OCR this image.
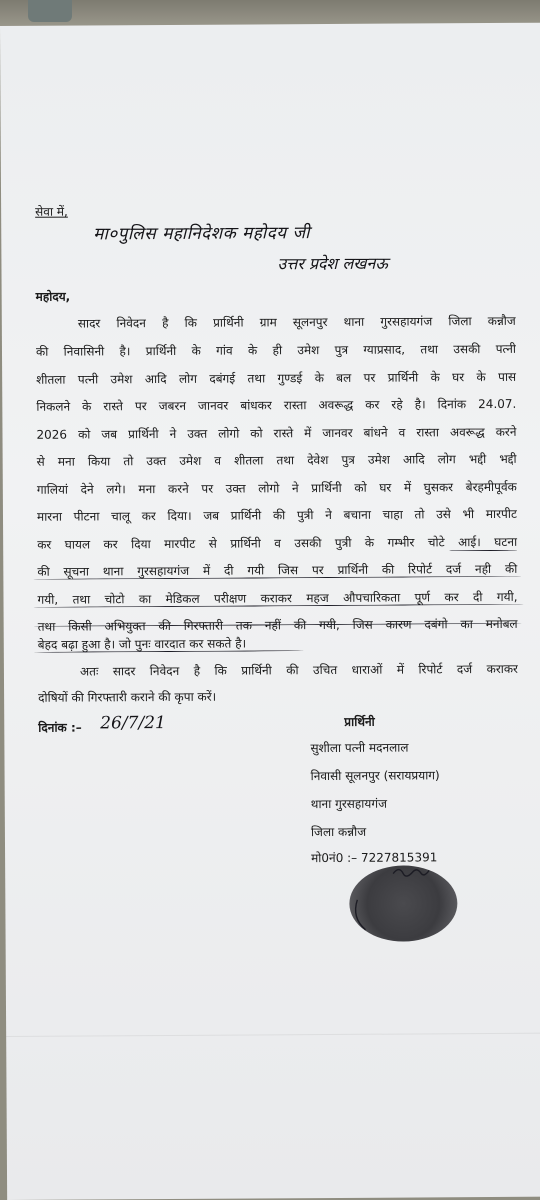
सेवा में,
मा०पुलिस महानिदेशक महोदय जी
उत्तर प्रदेश लखनऊ
महोदय,
सादर निवेदन है कि प्रार्थिनी ग्राम सूलनपुर थाना गुरसहायगंज जिला कन्नौज
की निवासिनी है। प्रार्थिनी के गांव के ही उमेश पुत्र ग्याप्रसाद, तथा उसकी पत्नी
शीतला पत्नी उमेश आदि लोग दबंगई तथा गुण्डई के बल पर प्रार्थिनी के घर के पास
निकलने के रास्ते पर जबरन जानवर बांधकर रास्ता अवरूद्ध कर रहे है। दिनांक 24.07.
2026 को जब प्रार्थिनी ने उक्त लोगो को रास्ते में जानवर बांधने व रास्ता अवरूद्ध करने
से मना किया तो उक्त उमेश व शीतला तथा देवेश पुत्र उमेश आदि लोग भद्दी भद्दी
गालियां देने लगे। मना करने पर उक्त लोगो ने प्रार्थिनी को घर में घुसकर बेरहमीपूर्वक
मारना पीटना चालू कर दिया। जब प्रार्थिनी की पुत्री ने बचाना चाहा तो उसे भी मारपीट
कर घायल कर दिया मारपीट से प्रार्थिनी व उसकी पुत्री के गम्भीर चोटे आई। घटना
की सूचना थाना गुरसहायगंज में दी गयी जिस पर प्रार्थिनी की रिपोर्ट दर्ज नही की
गयी, तथा चोटो का मेडिकल परीक्षण कराकर महज औपचारिकता पूर्ण कर दी गयी,
तथा किसी अभियुक्त की गिरफ्तारी तक नहीं की गयी, जिस कारण दबंगो का मनोबल
बेहद बढ़ा हुआ है। जो पुनः वारदात कर सकते है।
अतः सादर निवेदन है कि प्रार्थिनी की उचित धाराओं में रिपोर्ट दर्ज कराकर
दोषियों की गिरफ्तारी कराने की कृपा करें।
दिनांक :– 26/7/21	प्रार्थिनी
सुशीला पत्नी मदनलाल
निवासी सूलनपुर (सरायप्रयाग)
थाना गुरसहायगंज
जिला कन्नौज
मो0नं0 :– 7227815391
